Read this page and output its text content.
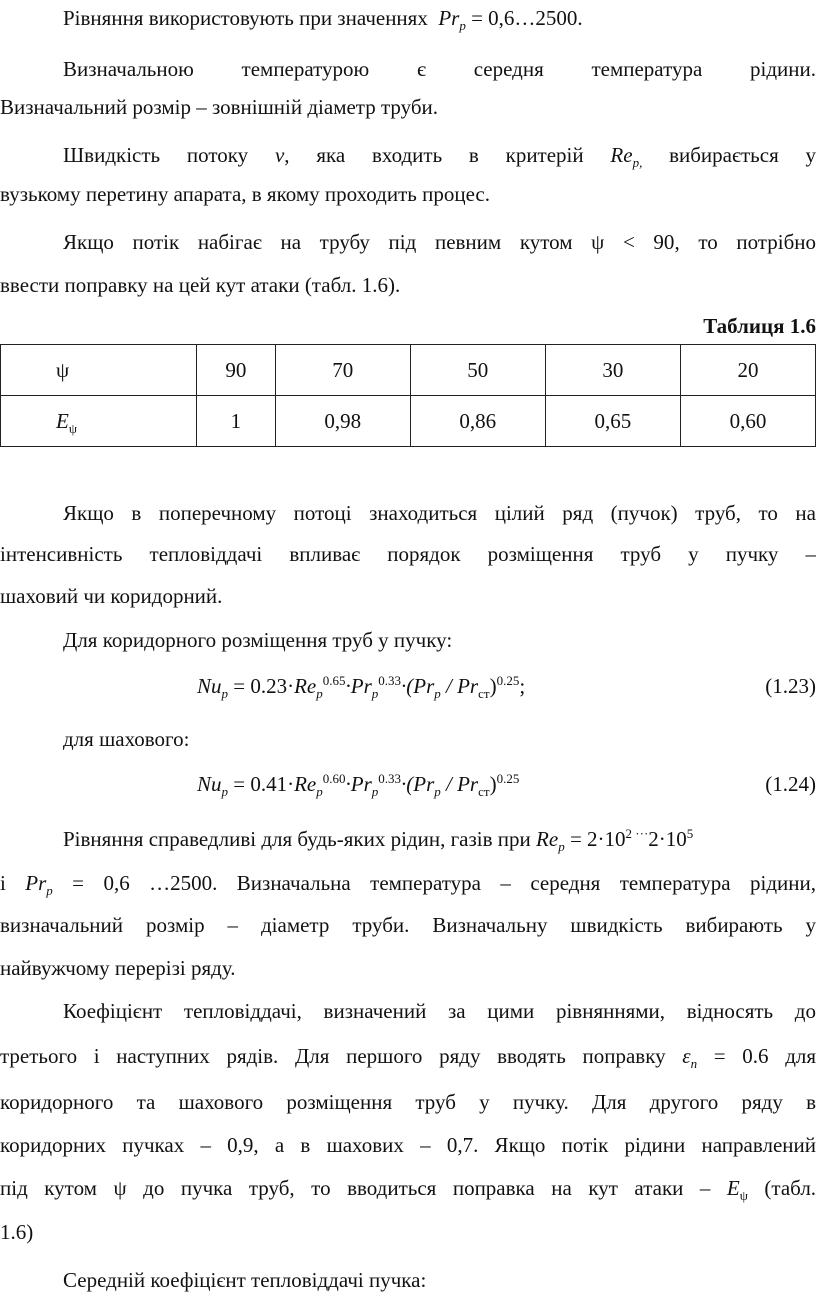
Рівняння використовують при значеннях $Pr_p$ = 0,6…2500.
Визначальною температурою є середня температура рідини.
Визначальний розмір – зовнішній діаметр труби.
Швидкість потоку v, яка входить в критерій $Re_{p,}$ вибирається у
вузькому перетину апарата, в якому проходить процес.
Якщо потік набігає на трубу під певним кутом ψ < 90, то потрібно
ввести поправку на цей кут атаки (табл. 1.6).
Таблиця 1.6
ψ	90	70	50	30	20
$E_\psi$	1	0,98	0,86	0,65	0,60
Якщо в поперечному потоці знаходиться цілий ряд (пучок) труб, то на
інтенсивність тепловіддачі впливає порядок розміщення труб у пучку –
шаховий чи коридорний.
Для коридорного розміщення труб у пучку:
$Nu_p = 0.23\cdot Re_p^{0.65}\cdot Pr_p^{0.33}\cdot(Pr_p / Pr_{ст})^{0.25}$;	(1.23)
для шахового:
$Nu_p = 0.41\cdot Re_p^{0.60}\cdot Pr_p^{0.33}\cdot(Pr_p / Pr_{ст})^{0.25}$	(1.24)
Рівняння справедливі для будь-яких рідин, газів при $Re_p = 2\cdot 10^{2 \cdot\cdot\cdot}2\cdot 10^5$
і $Pr_p = 0,6$ …2500. Визначальна температура – середня температура рідини,
визначальний розмір – діаметр труби. Визначальну швидкість вибирають у
найвужчому перерізі ряду.
Коефіцієнт тепловіддачі, визначений за цими рівняннями, відносять до
третього і наступних рядів. Для першого ряду вводять поправку $\varepsilon_n = 0.6$ для
коридорного та шахового розміщення труб у пучку. Для другого ряду в
коридорних пучках – 0,9, а в шахових – 0,7. Якщо потік рідини направлений
під кутом ψ до пучка труб, то вводиться поправка на кут атаки – $E_\psi$ (табл.
1.6)
Середній коефіцієнт тепловіддачі пучка:
